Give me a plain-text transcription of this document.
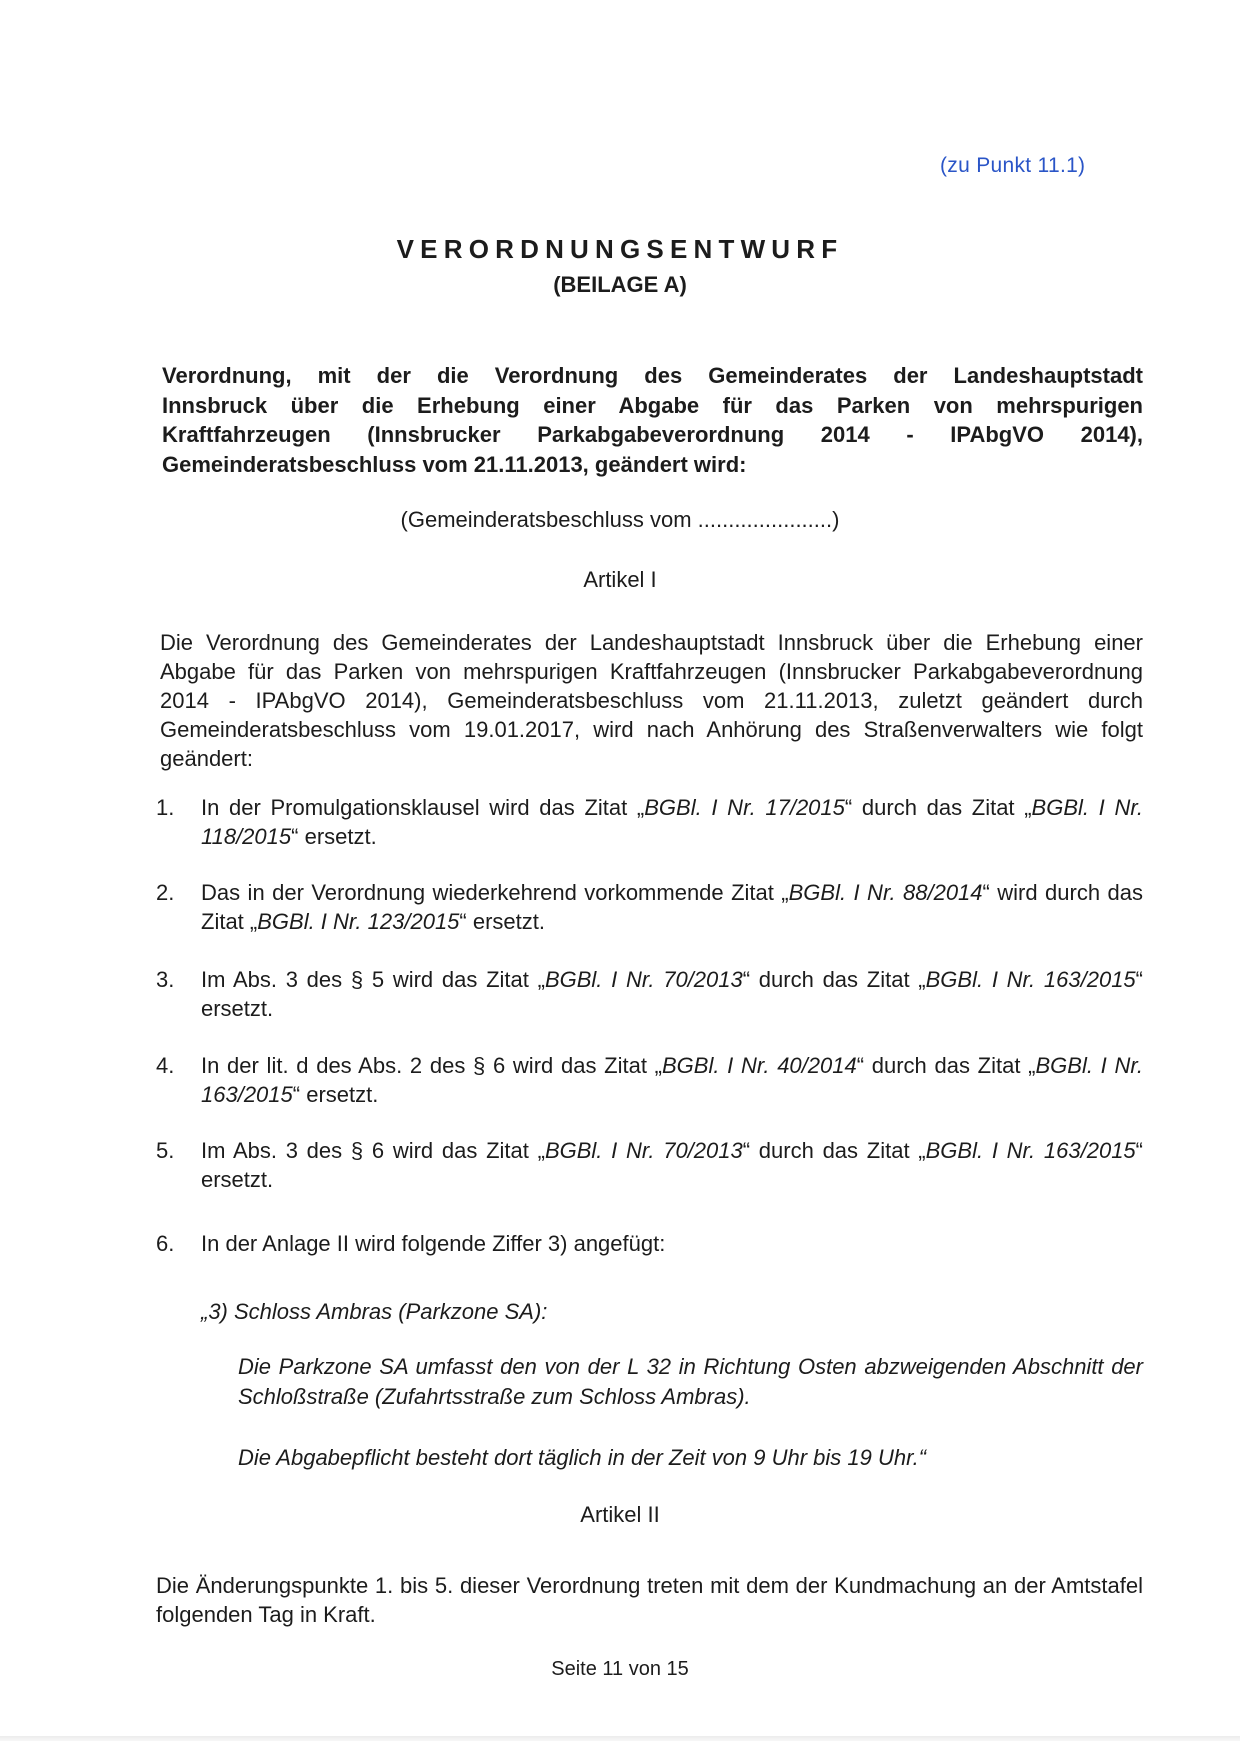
(zu Punkt 11.1)
VERORDNUNGSENTWURF
(BEILAGE A)
Verordnung, mit der die Verordnung des Gemeinderates der Landeshauptstadt
Innsbruck über die Erhebung einer Abgabe für das Parken von mehrspurigen
Kraftfahrzeugen (Innsbrucker Parkabgabeverordnung 2014 - IPAbgVO 2014),
Gemeinderatsbeschluss vom 21.11.2013, geändert wird:
(Gemeinderatsbeschluss vom ......................)
Artikel I
Die Verordnung des Gemeinderates der Landeshauptstadt Innsbruck über die Erhebung einer Abgabe für das Parken von mehrspurigen Kraftfahrzeugen (Innsbrucker Parkabgabeverordnung 2014 - IPAbgVO 2014), Gemeinderatsbeschluss vom 21.11.2013, zuletzt geändert durch Gemeinderatsbeschluss vom 19.01.2017, wird nach Anhörung des Straßenverwalters wie folgt geändert:
1. In der Promulgationsklausel wird das Zitat „BGBl. I Nr. 17/2015“ durch das Zitat „BGBl. I Nr. 118/2015“ ersetzt.
2. Das in der Verordnung wiederkehrend vorkommende Zitat „BGBl. I Nr. 88/2014“ wird durch das Zitat „BGBl. I Nr. 123/2015“ ersetzt.
3. Im Abs. 3 des § 5 wird das Zitat „BGBl. I Nr. 70/2013“ durch das Zitat „BGBl. I Nr. 163/2015“ ersetzt.
4. In der lit. d des Abs. 2 des § 6 wird das Zitat „BGBl. I Nr. 40/2014“ durch das Zitat „BGBl. I Nr. 163/2015“ ersetzt.
5. Im Abs. 3 des § 6 wird das Zitat „BGBl. I Nr. 70/2013“ durch das Zitat „BGBl. I Nr. 163/2015“ ersetzt.
6. In der Anlage II wird folgende Ziffer 3) angefügt:
„3) Schloss Ambras (Parkzone SA):
Die Parkzone SA umfasst den von der L 32 in Richtung Osten abzweigenden Abschnitt der Schloßstraße (Zufahrtsstraße zum Schloss Ambras).
Die Abgabepflicht besteht dort täglich in der Zeit von 9 Uhr bis 19 Uhr.“
Artikel II
Die Änderungspunkte 1. bis 5. dieser Verordnung treten mit dem der Kundmachung an der Amtstafel folgenden Tag in Kraft.
Seite 11 von 15
